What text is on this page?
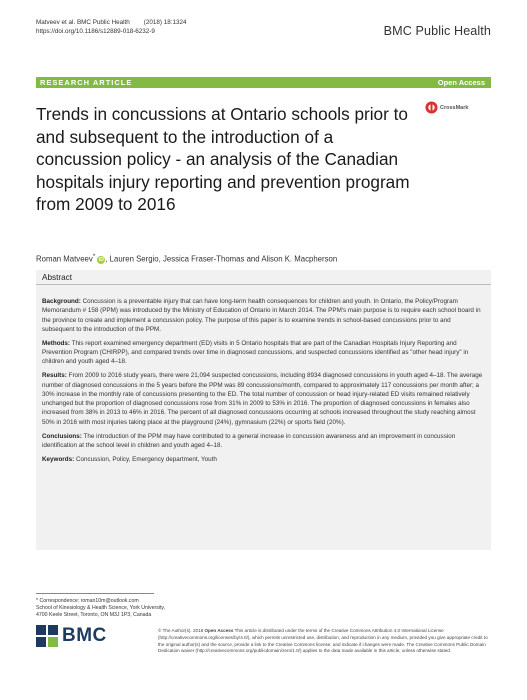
Matveev et al. BMC Public Health (2018) 18:1324
https://doi.org/10.1186/s12889-018-6232-9	BMC Public Health
RESEARCH ARTICLE	Open Access
Trends in concussions at Ontario schools prior to and subsequent to the introduction of a concussion policy - an analysis of the Canadian hospitals injury reporting and prevention program from 2009 to 2016
CrossMark
Roman Matveev* iD , Lauren Sergio, Jessica Fraser-Thomas and Alison K. Macpherson
Abstract

Background: Concussion is a preventable injury that can have long-term health consequences for children and youth. In Ontario, the Policy/Program Memorandum # 158 (PPM) was introduced by the Ministry of Education of Ontario in March 2014. The PPM's main purpose is to require each school board in the province to create and implement a concussion policy. The purpose of this paper is to examine trends in school-based concussions prior to and subsequent to the introduction of the PPM.

Methods: This report examined emergency department (ED) visits in 5 Ontario hospitals that are part of the Canadian Hospitals Injury Reporting and Prevention Program (CHIRPP), and compared trends over time in diagnosed concussions, and suspected concussions identified as "other head injury" in children and youth aged 4–18.

Results: From 2009 to 2016 study years, there were 21,094 suspected concussions, including 8934 diagnosed concussions in youth aged 4–18. The average number of diagnosed concussions in the 5 years before the PPM was 89 concussions/month, compared to approximately 117 concussions per month after; a 30% increase in the monthly rate of concussions presenting to the ED. The total number of concussion or head injury-related ED visits remained relatively unchanged but the proportion of diagnosed concussions rose from 31% in 2009 to 53% in 2016. The proportion of diagnosed concussions in females also increased from 38% in 2013 to 46% in 2016. The percent of all diagnosed concussions occurring at schools increased throughout the study reaching almost 50% in 2016 with most injuries taking place at the playground (24%), gymnasium (22%) or sports field (20%).

Conclusions: The introduction of the PPM may have contributed to a general increase in concussion awareness and an improvement in concussion identification at the school level in children and youth aged 4–18.

Keywords: Concussion, Policy, Emergency department, Youth

* Correspondence: roman10m@outlook.com
School of Kinesiology & Health Science, York University, 4700 Keele Street, Toronto, ON M3J 1P3, Canada
BMC	© The Author(s). 2018 Open Access This article is distributed under the terms of the Creative Commons Attribution 4.0 International License (http://creativecommons.org/licenses/by/4.0/), which permits unrestricted use, distribution, and reproduction in any medium, provided you give appropriate credit to the original author(s) and the source, provide a link to the Creative Commons license, and indicate if changes were made. The Creative Commons Public Domain Dedication waiver (http://creativecommons.org/publicdomain/zero/1.0/) applies to the data made available in this article, unless otherwise stated.
